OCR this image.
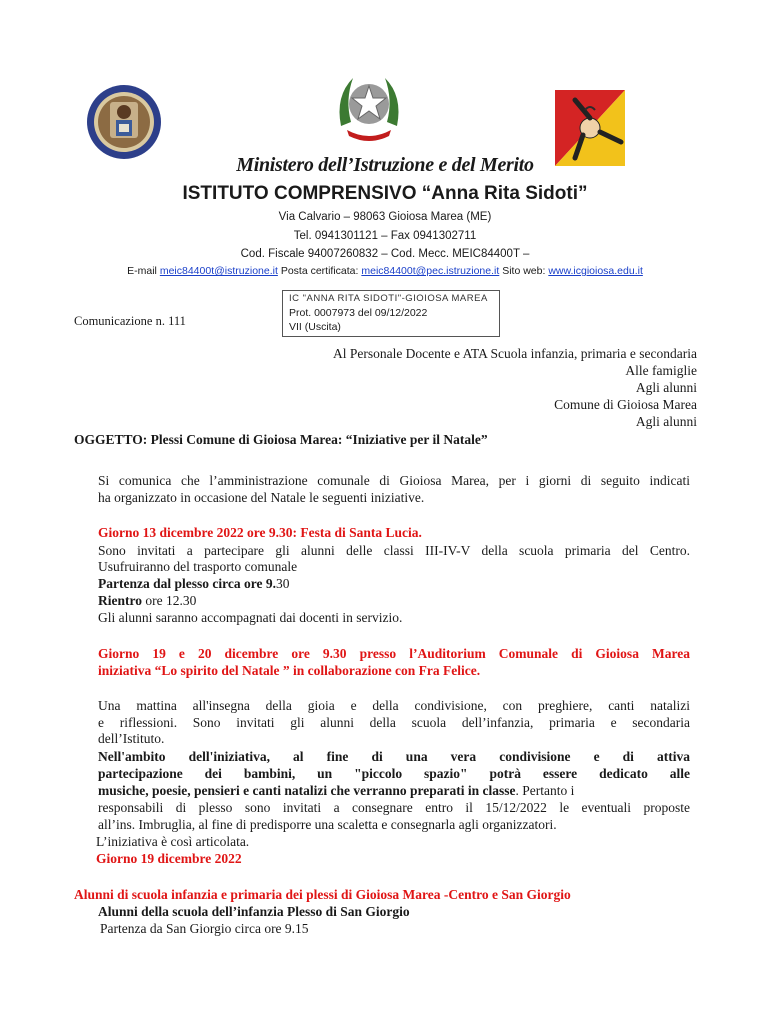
Ministero dell’Istruzione e del Merito
ISTITUTO COMPRENSIVO “Anna Rita Sidoti”
Via Calvario – 98063 Gioiosa Marea (ME)
Tel. 0941301121 – Fax 0941302711
Cod. Fiscale 94007260832 – Cod. Mecc. MEIC84400T –
E-mail meic84400t@istruzione.it Posta certificata: meic84400t@pec.istruzione.it Sito web: www.icgioiosa.edu.it
IC "ANNA RITA SIDOTI"-GIOIOSA MAREA
Prot. 0007973 del 09/12/2022
VII (Uscita)
Comunicazione n. 111
Al Personale Docente e ATA Scuola infanzia, primaria e secondaria
Alle famiglie
Agli alunni
Comune di Gioiosa Marea
Agli alunni
OGGETTO: Plessi Comune di Gioiosa Marea: “Iniziative per il Natale”
Si comunica che l’amministrazione comunale di Gioiosa Marea, per i giorni di seguito indicati
ha organizzato in occasione del Natale le seguenti iniziative.
Giorno 13 dicembre 2022 ore 9.30: Festa di Santa Lucia.
Sono invitati a partecipare gli alunni delle classi III-IV-V della scuola primaria del Centro.
Usufruiranno del trasporto comunale
Partenza dal plesso circa ore 9.30
Rientro ore 12.30
Gli alunni saranno accompagnati dai docenti in servizio.
Giorno 19 e 20 dicembre ore 9.30 presso l’Auditorium Comunale di Gioiosa Marea
iniziativa “Lo spirito del Natale ” in collaborazione con Fra Felice.
Una mattina all'insegna della gioia e della condivisione, con preghiere, canti natalizi
e riflessioni. Sono invitati gli alunni della scuola dell’infanzia, primaria e secondaria
dell’Istituto.
Nell'ambito dell'iniziativa, al fine di una vera condivisione e di attiva
partecipazione dei bambini, un "piccolo spazio" potrà essere dedicato alle
musiche, poesie, pensieri e canti natalizi che verranno preparati in classe. Pertanto i
responsabili di plesso sono invitati a consegnare entro il 15/12/2022 le eventuali proposte
all’ins. Imbruglia, al fine di predisporre una scaletta e consegnarla agli organizzatori.
L’iniziativa è così articolata.
Giorno 19 dicembre 2022
Alunni di scuola infanzia e primaria dei plessi di Gioiosa Marea -Centro e San Giorgio
Alunni della scuola dell’infanzia Plesso di San Giorgio
Partenza da San Giorgio circa ore 9.15
